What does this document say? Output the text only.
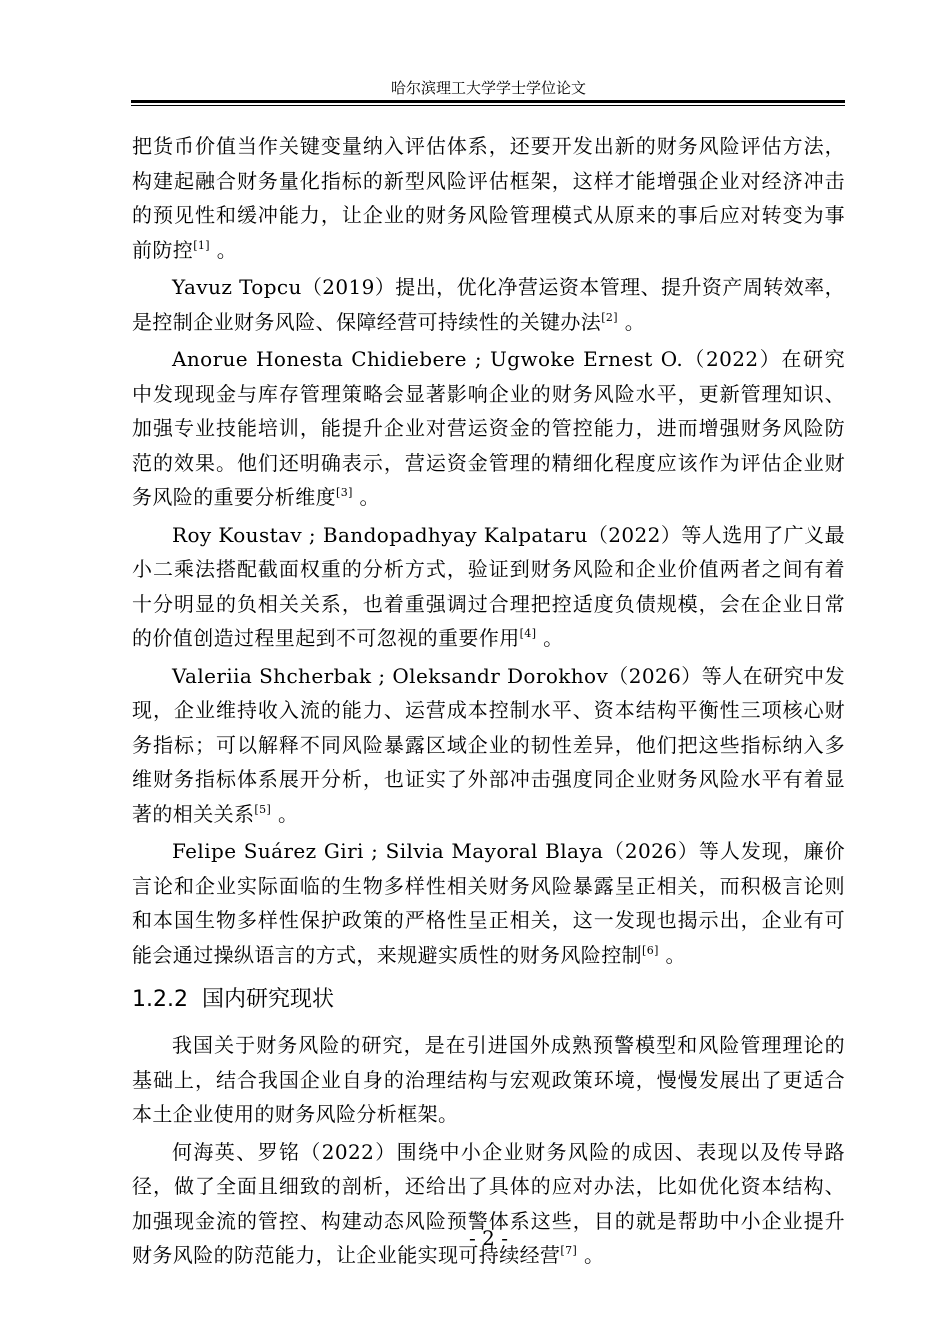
哈尔滨理工大学学士学位论文

把货币价值当作关键变量纳入评估体系，还要开发出新的财务风险评估方法，构建起融合财务量化指标的新型风险评估框架，这样才能增强企业对经济冲击的预见性和缓冲能力，让企业的财务风险管理模式从原来的事后应对转变为事前防控[1] 。

Yavuz Topcu（2019）提出，优化净营运资本管理、提升资产周转效率，是控制企业财务风险、保障经营可持续性的关键办法[2] 。

Anorue Honesta Chidiebere ; Ugwoke Ernest O.（2022）在研究中发现现金与库存管理策略会显著影响企业的财务风险水平，更新管理知识、加强专业技能培训，能提升企业对营运资金的管控能力，进而增强财务风险防范的效果。他们还明确表示，营运资金管理的精细化程度应该作为评估企业财务风险的重要分析维度[3] 。

Roy Koustav ; Bandopadhyay Kalpataru（2022）等人选用了广义最小二乘法搭配截面权重的分析方式，验证到财务风险和企业价值两者之间有着十分明显的负相关关系，也着重强调过合理把控适度负债规模，会在企业日常的价值创造过程里起到不可忽视的重要作用[4] 。

Valeriia Shcherbak ; Oleksandr Dorokhov（2026）等人在研究中发现，企业维持收入流的能力、运营成本控制水平、资本结构平衡性三项核心财务指标；可以解释不同风险暴露区域企业的韧性差异，他们把这些指标纳入多维财务指标体系展开分析，也证实了外部冲击强度同企业财务风险水平有着显著的相关关系[5] 。

Felipe Suárez Giri ; Silvia Mayoral Blaya（2026）等人发现，廉价言论和企业实际面临的生物多样性相关财务风险暴露呈正相关，而积极言论则和本国生物多样性保护政策的严格性呈正相关，这一发现也揭示出，企业有可能会通过操纵语言的方式，来规避实质性的财务风险控制[6] 。

1.2.2 国内研究现状

我国关于财务风险的研究，是在引进国外成熟预警模型和风险管理理论的基础上，结合我国企业自身的治理结构与宏观政策环境，慢慢发展出了更适合本土企业使用的财务风险分析框架。

何海英、罗铭（2022）围绕中小企业财务风险的成因、表现以及传导路径，做了全面且细致的剖析，还给出了具体的应对办法，比如优化资本结构、加强现金流的管控、构建动态风险预警体系这些，目的就是帮助中小企业提升财务风险的防范能力，让企业能实现可持续经营[7] 。

- 2 -
